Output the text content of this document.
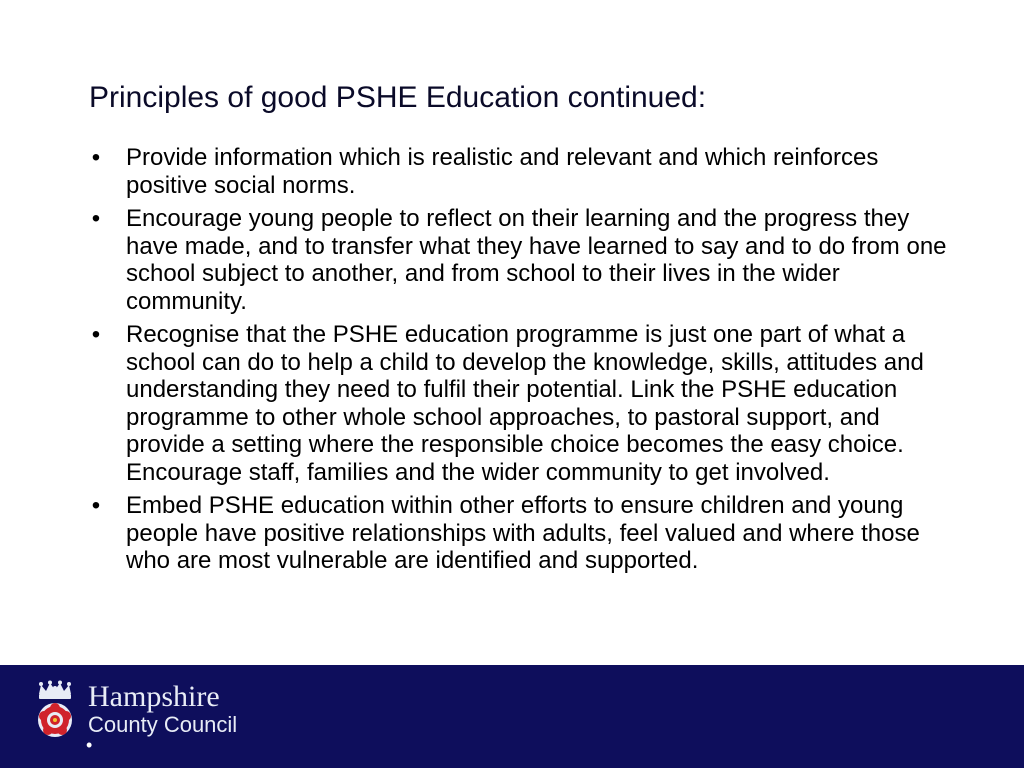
Principles of good PSHE Education continued:
• Provide information which is realistic and relevant and which reinforces positive social norms.
• Encourage young people to reflect on their learning and the progress they have made, and to transfer what they have learned to say and to do from one school subject to another, and from school to their lives in the wider community.
• Recognise that the PSHE education programme is just one part of what a school can do to help a child to develop the knowledge, skills, attitudes and understanding they need to fulfil their potential. Link the PSHE education programme to other whole school approaches, to pastoral support, and provide a setting where the responsible choice becomes the easy choice. Encourage staff, families and the wider community to get involved.
• Embed PSHE education within other efforts to ensure children and young people have positive relationships with adults, feel valued and where those who are most vulnerable are identified and supported.
Hampshire
County Council
•
